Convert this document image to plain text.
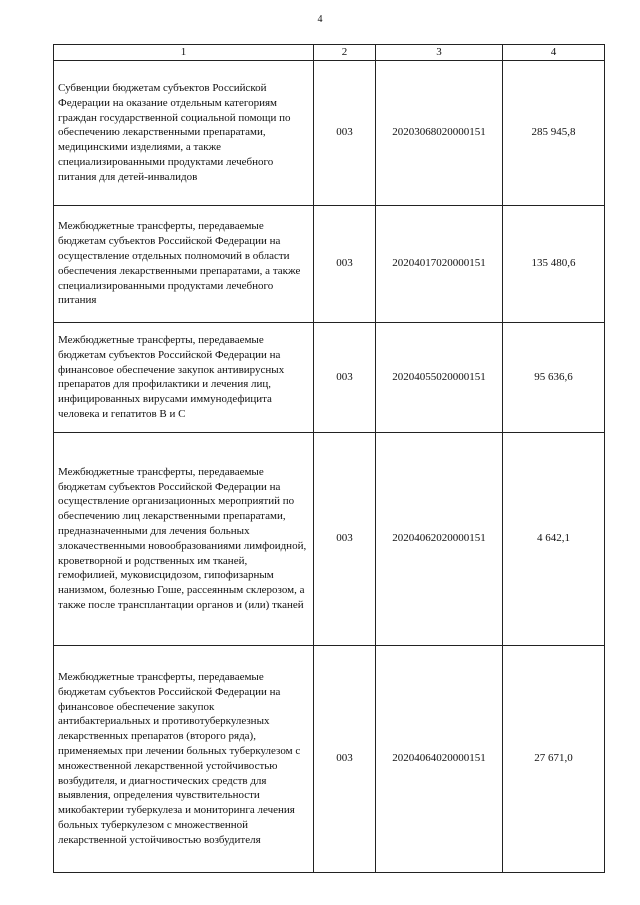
4
1	2	3	4
Субвенции бюджетам субъектов Российской Федерации на оказание отдельным категориям граждан государственной социальной помощи по обеспечению лекарственными препаратами, медицинскими изделиями, а также специализированными продуктами лечебного питания для детей-инвалидов	003	20203068020000151	285 945,8
Межбюджетные трансферты, передаваемые бюджетам субъектов Российской Федерации на осуществление отдельных полномочий в области обеспечения лекарственными препаратами, а также специализированными продуктами лечебного питания	003	20204017020000151	135 480,6
Межбюджетные трансферты, передаваемые бюджетам субъектов Российской Федерации на финансовое обеспечение закупок антивирусных препаратов для профилактики и лечения лиц, инфицированных вирусами иммунодефицита человека и гепатитов В и С	003	20204055020000151	95 636,6
Межбюджетные трансферты, передаваемые бюджетам субъектов Российской Федерации на осуществление организационных мероприятий по обеспечению лиц лекарственными препаратами, предназначенными для лечения больных злокачественными новообразованиями лимфоидной, кроветворной и родственных им тканей, гемофилией, муковисцидозом, гипофизарным нанизмом, болезнью Гоше, рассеянным склерозом, а также после трансплантации органов и (или) тканей	003	20204062020000151	4 642,1
Межбюджетные трансферты, передаваемые бюджетам субъектов Российской Федерации на финансовое обеспечение закупок антибактериальных и противотуберкулезных лекарственных препаратов (второго ряда), применяемых при лечении больных туберкулезом с множественной лекарственной устойчивостью возбудителя, и диагностических средств для выявления, определения чувствительности микобактерии туберкулеза и мониторинга лечения больных туберкулезом с множественной лекарственной устойчивостью возбудителя	003	20204064020000151	27 671,0
